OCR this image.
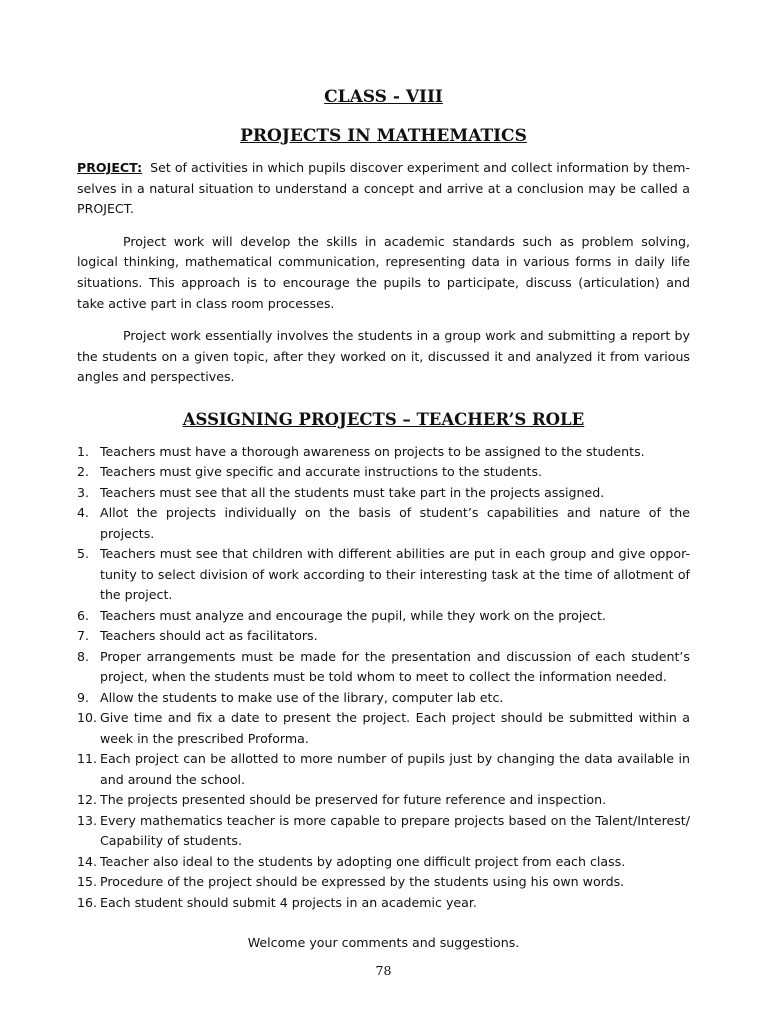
CLASS - VIII
PROJECTS IN MATHEMATICS

PROJECT: Set of activities in which pupils discover experiment and collect information by them-selves in a natural situation to understand a concept and arrive at a conclusion may be called a PROJECT.

Project work will develop the skills in academic standards such as problem solving, logical thinking, mathematical communication, representing data in various forms in daily life situations. This approach is to encourage the pupils to participate, discuss (articulation) and take active part in class room processes.

Project work essentially involves the students in a group work and submitting a report by the students on a given topic, after they worked on it, discussed it and analyzed it from various angles and perspectives.

ASSIGNING PROJECTS – TEACHER’S ROLE
1. Teachers must have a thorough awareness on projects to be assigned to the students.
2. Teachers must give specific and accurate instructions to the students.
3. Teachers must see that all the students must take part in the projects assigned.
4. Allot the projects individually on the basis of student’s capabilities and nature of the projects.
5. Teachers must see that children with different abilities are put in each group and give oppor-tunity to select division of work according to their interesting task at the time of allotment of the project.
6. Teachers must analyze and encourage the pupil, while they work on the project.
7. Teachers should act as facilitators.
8. Proper arrangements must be made for the presentation and discussion of each student’s project, when the students must be told whom to meet to collect the information needed.
9. Allow the students to make use of the library, computer lab etc.
10. Give time and fix a date to present the project. Each project should be submitted within a week in the prescribed Proforma.
11. Each project can be allotted to more number of pupils just by changing the data available in and around the school.
12. The projects presented should be preserved for future reference and inspection.
13. Every mathematics teacher is more capable to prepare projects based on the Talent/Interest/ Capability of students.
14. Teacher also ideal to the students by adopting one difficult project from each class.
15. Procedure of the project should be expressed by the students using his own words.
16. Each student should submit 4 projects in an academic year.

Welcome your comments and suggestions.

78
